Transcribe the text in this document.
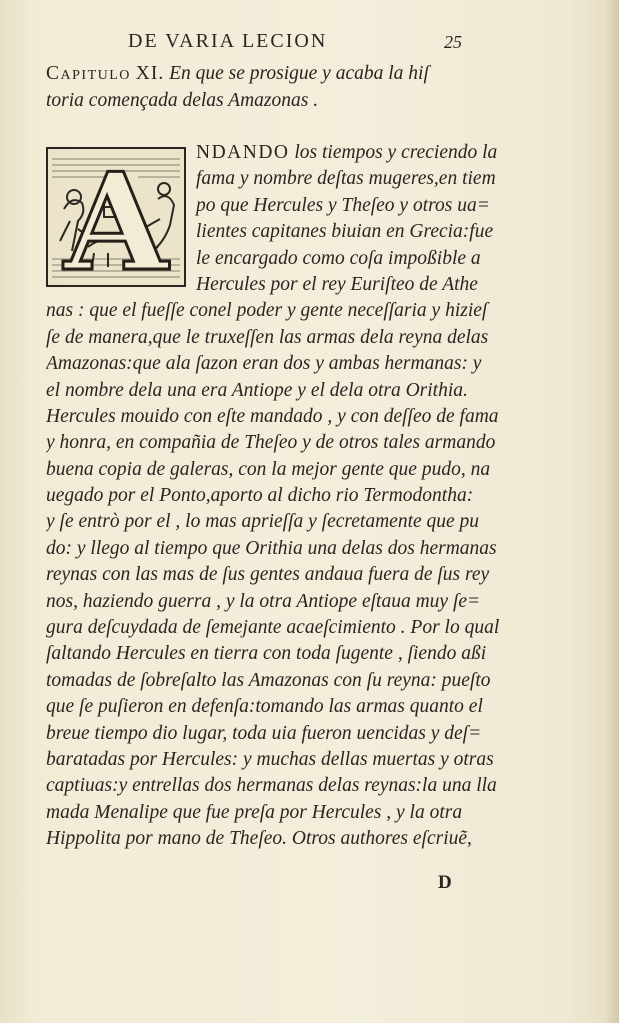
DE VARIA LECION	25
Capitulo XI. En que se prosigue y acaba la hiſ
toria començada delas Amazonas .
A	NDANDO los tiempos y creciendo la
fama y nombre deſtas mugeres,en tiem
po que Hercules y Theſeo y otros ua=
lientes capitanes biuian en Grecia:fue
le encargado como coſa impoßible a
Hercules por el rey Euriſteo de Athe
nas : que el fueſſe conel poder y gente neceſſaria y hizieſ
ſe de manera,que le truxeſſen las armas dela reyna delas
Amazonas:que ala ſazon eran dos y ambas hermanas: y
el nombre dela una era Antiope y el dela otra Orithia.
Hercules mouido con eſte mandado , y con deſſeo de fama
y honra, en compañia de Theſeo y de otros tales armando
buena copia de galeras, con la mejor gente que pudo, na
uegado por el Ponto,aporto al dicho rio Termodontha:
y ſe entrò por el , lo mas aprieſſa y ſecretamente que pu
do: y llego al tiempo que Orithia una delas dos hermanas
reynas con las mas de ſus gentes andaua fuera de ſus rey
nos, haziendo guerra , y la otra Antiope eſtaua muy ſe=
gura deſcuydada de ſemejante acaeſcimiento . Por lo qual
ſaltando Hercules en tierra con toda ſugente , ſiendo aßi
tomadas de ſobreſalto las Amazonas con ſu reyna: pueſto
que ſe puſieron en defenſa:tomando las armas quanto el
breue tiempo dio lugar, toda uia fueron uencidas y deſ=
baratadas por Hercules: y muchas dellas muertas y otras
captiuas:y entrellas dos hermanas delas reynas:la una lla
mada Menalipe que fue preſa por Hercules , y la otra
Hippolita por mano de Theſeo. Otros authores eſcriuẽ,
D
